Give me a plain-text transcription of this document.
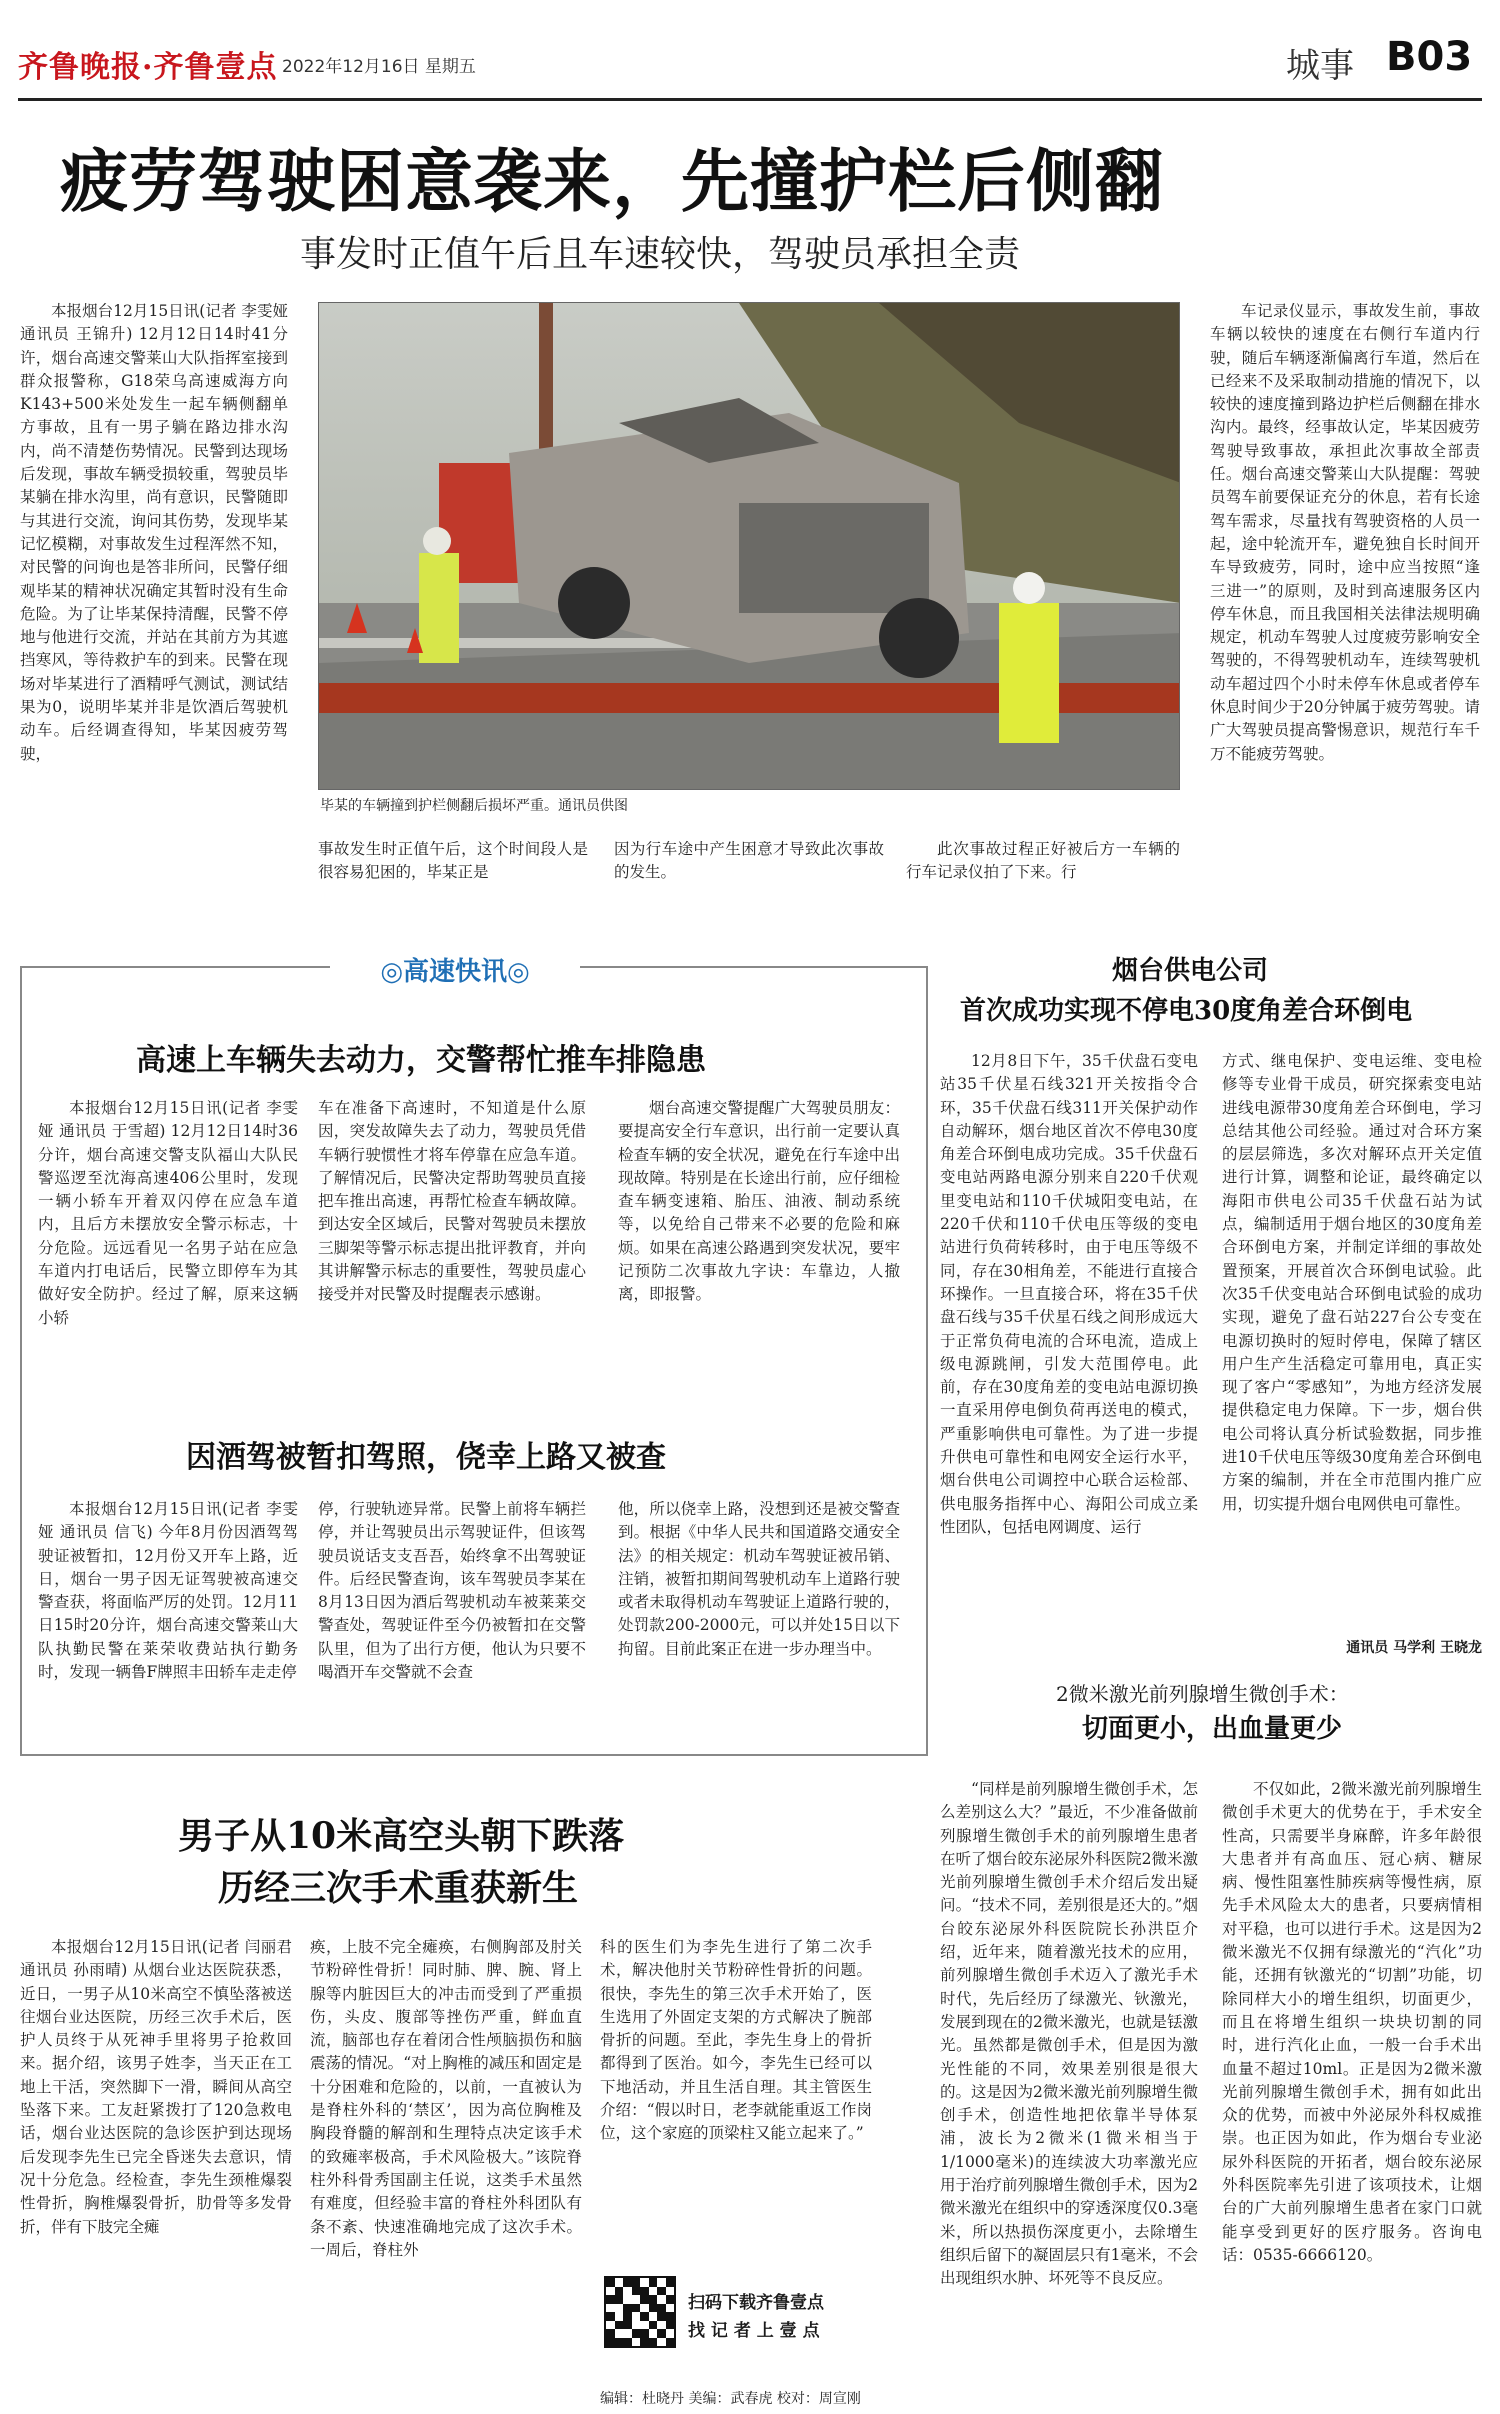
齐鲁晚报·齐鲁壹点 2022年12月16日 星期五	城事 B03
疲劳驾驶困意袭来，先撞护栏后侧翻
事发时正值午后且车速较快，驾驶员承担全责
本报烟台12月15日讯(记者 李雯娅 通讯员 王锦升) 12月12日14时41分许，烟台高速交警莱山大队指挥室接到群众报警称，G18荣乌高速威海方向K143+500米处发生一起车辆侧翻单方事故，且有一男子躺在路边排水沟内，尚不清楚伤势情况。民警到达现场后发现，事故车辆受损较重，驾驶员毕某躺在排水沟里，尚有意识，民警随即与其进行交流，询问其伤势，发现毕某记忆模糊，对事故发生过程浑然不知，对民警的问询也是答非所问，民警仔细观毕某的精神状况确定其暂时没有生命危险。为了让毕某保持清醒，民警不停地与他进行交流，并站在其前方为其遮挡寒风，等待救护车的到来。民警在现场对毕某进行了酒精呼气测试，测试结果为0，说明毕某并非是饮酒后驾驶机动车。后经调查得知，毕某因疲劳驾驶，
毕某的车辆撞到护栏侧翻后损坏严重。通讯员供图
事故发生时正值午后，这个时间段人是很容易犯困的，毕某正是
因为行车途中产生困意才导致此次事故的发生。
此次事故过程正好被后方一车辆的行车记录仪拍了下来。行
车记录仪显示，事故发生前，事故车辆以较快的速度在右侧行车道内行驶，随后车辆逐渐偏离行车道，然后在已经来不及采取制动措施的情况下，以较快的速度撞到路边护栏后侧翻在排水沟内。最终，经事故认定，毕某因疲劳驾驶导致事故，承担此次事故全部责任。烟台高速交警莱山大队提醒：驾驶员驾车前要保证充分的休息，若有长途驾车需求，尽量找有驾驶资格的人员一起，途中轮流开车，避免独自长时间开车导致疲劳，同时，途中应当按照“逢三进一”的原则，及时到高速服务区内停车休息，而且我国相关法律法规明确规定，机动车驾驶人过度疲劳影响安全驾驶的，不得驾驶机动车，连续驾驶机动车超过四个小时未停车休息或者停车休息时间少于20分钟属于疲劳驾驶。请广大驾驶员提高警惕意识，规范行车千万不能疲劳驾驶。
◎高速快讯◎
高速上车辆失去动力，交警帮忙推车排隐患
本报烟台12月15日讯(记者 李雯娅 通讯员 于雪超) 12月12日14时36分许，烟台高速交警支队福山大队民警巡逻至沈海高速406公里时，发现一辆小轿车开着双闪停在应急车道内，且后方未摆放安全警示标志，十分危险。远远看见一名男子站在应急车道内打电话后，民警立即停车为其做好安全防护。经过了解，原来这辆小轿
车在准备下高速时，不知道是什么原因，突发故障失去了动力，驾驶员凭借车辆行驶惯性才将车停靠在应急车道。了解情况后，民警决定帮助驾驶员直接把车推出高速，再帮忙检查车辆故障。到达安全区域后，民警对驾驶员未摆放三脚架等警示标志提出批评教育，并向其讲解警示标志的重要性，驾驶员虚心接受并对民警及时提醒表示感谢。
烟台高速交警提醒广大驾驶员朋友：要提高安全行车意识，出行前一定要认真检查车辆的安全状况，避免在行车途中出现故障。特别是在长途出行前，应仔细检查车辆变速箱、胎压、油液、制动系统等，以免给自己带来不必要的危险和麻烦。如果在高速公路遇到突发状况，要牢记预防二次事故九字诀：车靠边，人撤离，即报警。
因酒驾被暂扣驾照，侥幸上路又被查
本报烟台12月15日讯(记者 李雯娅 通讯员 信飞) 今年8月份因酒驾驾驶证被暂扣，12月份又开车上路，近日，烟台一男子因无证驾驶被高速交警查获，将面临严厉的处罚。12月11日15时20分许，烟台高速交警莱山大队执勤民警在莱荣收费站执行勤务时，发现一辆鲁F牌照丰田轿车走走停
停，行驶轨迹异常。民警上前将车辆拦停，并让驾驶员出示驾驶证件，但该驾驶员说话支支吾吾，始终拿不出驾驶证件。后经民警查询，该车驾驶员李某在8月13日因为酒后驾驶机动车被莱莱交警查处，驾驶证件至今仍被暂扣在交警队里，但为了出行方便，他认为只要不喝酒开车交警就不会查
他，所以侥幸上路，没想到还是被交警查到。根据《中华人民共和国道路交通安全法》的相关规定：机动车驾驶证被吊销、注销，被暂扣期间驾驶机动车上道路行驶或者未取得机动车驾驶证上道路行驶的，处罚款200-2000元，可以并处15日以下拘留。目前此案正在进一步办理当中。
烟台供电公司
首次成功实现不停电30度角差合环倒电
12月8日下午，35千伏盘石变电站35千伏星石线321开关按指令合环，35千伏盘石线311开关保护动作自动解环，烟台地区首次不停电30度角差合环倒电成功完成。35千伏盘石变电站两路电源分别来自220千伏观里变电站和110千伏城阳变电站，在220千伏和110千伏电压等级的变电站进行负荷转移时，由于电压等级不同，存在30相角差，不能进行直接合环操作。一旦直接合环，将在35千伏盘石线与35千伏星石线之间形成远大于正常负荷电流的合环电流，造成上级电源跳闸，引发大范围停电。此前，存在30度角差的变电站电源切换一直采用停电倒负荷再送电的模式，严重影响供电可靠性。为了进一步提升供电可靠性和电网安全运行水平，烟台供电公司调控中心联合运检部、供电服务指挥中心、海阳公司成立柔性团队，包括电网调度、运行
方式、继电保护、变电运维、变电检修等专业骨干成员，研究探索变电站进线电源带30度角差合环倒电，学习总结其他公司经验。通过对合环方案的层层筛选，多次对解环点开关定值进行计算，调整和论证，最终确定以海阳市供电公司35千伏盘石站为试点，编制适用于烟台地区的30度角差合环倒电方案，并制定详细的事故处置预案，开展首次合环倒电试验。此次35千伏变电站合环倒电试验的成功实现，避免了盘石站227台公专变在电源切换时的短时停电，保障了辖区用户生产生活稳定可靠用电，真正实现了客户“零感知”，为地方经济发展提供稳定电力保障。下一步，烟台供电公司将认真分析试验数据，同步推进10千伏电压等级30度角差合环倒电方案的编制，并在全市范围内推广应用，切实提升烟台电网供电可靠性。
通讯员 马学利 王晓龙
男子从10米高空头朝下跌落
历经三次手术重获新生
本报烟台12月15日讯(记者 闫丽君 通讯员 孙雨晴) 从烟台业达医院获悉，近日，一男子从10米高空不慎坠落被送往烟台业达医院，历经三次手术后，医护人员终于从死神手里将男子抢救回来。据介绍，该男子姓李，当天正在工地上干活，突然脚下一滑，瞬间从高空坠落下来。工友赶紧拨打了120急救电话，烟台业达医院的急诊医护到达现场后发现李先生已完全昏迷失去意识，情况十分危急。经检查，李先生颈椎爆裂性骨折，胸椎爆裂骨折，肋骨等多发骨折，伴有下肢完全瘫
痪，上肢不完全瘫痪，右侧胸部及肘关节粉碎性骨折！同时肺、脾、腕、肾上腺等内脏因巨大的冲击而受到了严重损伤，头皮、腹部等挫伤严重，鲜血直流，脑部也存在着闭合性颅脑损伤和脑震荡的情况。“对上胸椎的减压和固定是十分困难和危险的，以前，一直被认为是脊柱外科的‘禁区’，因为高位胸椎及胸段脊髓的解剖和生理特点决定该手术的致瘫率极高，手术风险极大。”该院脊柱外科骨秀国副主任说，这类手术虽然有难度，但经验丰富的脊柱外科团队有条不紊、快速准确地完成了这次手术。一周后，脊柱外
科的医生们为李先生进行了第二次手术，解决他肘关节粉碎性骨折的问题。很快，李先生的第三次手术开始了，医生选用了外固定支架的方式解决了腕部骨折的问题。至此，李先生身上的骨折都得到了医治。如今，李先生已经可以下地活动，并且生活自理。其主管医生介绍：“假以时日，老李就能重返工作岗位，这个家庭的顶梁柱又能立起来了。”
扫码下载齐鲁壹点
找 记 者 上 壹 点
编辑：杜晓丹 美编：武春虎 校对：周宣刚
2微米激光前列腺增生微创手术：
切面更小，出血量更少
“同样是前列腺增生微创手术，怎么差别这么大？”最近，不少准备做前列腺增生微创手术的前列腺增生患者在听了烟台皎东泌尿外科医院2微米激光前列腺增生微创手术介绍后发出疑问。“技术不同，差别很是还大的。”烟台皎东泌尿外科医院院长孙洪臣介绍，近年来，随着激光技术的应用，前列腺增生微创手术迈入了激光手术时代，先后经历了绿激光、钬激光，发展到现在的2微米激光，也就是铥激光。虽然都是微创手术，但是因为激光性能的不同，效果差别很是很大的。这是因为2微米激光前列腺增生微创手术，创造性地把依靠半导体泵浦，波长为2微米(1微米相当于1/1000毫米)的连续波大功率激光应用于治疗前列腺增生微创手术，因为2微米激光在组织中的穿透深度仅0.3毫米，所以热损伤深度更小，去除增生组织后留下的凝固层只有1毫米，不会出现组织水肿、坏死等不良反应。
不仅如此，2微米激光前列腺增生微创手术更大的优势在于，手术安全性高，只需要半身麻醉，许多年龄很大患者并有高血压、冠心病、糖尿病、慢性阻塞性肺疾病等慢性病，原先手术风险太大的患者，只要病情相对平稳，也可以进行手术。这是因为2微米激光不仅拥有绿激光的“汽化”功能，还拥有钬激光的“切割”功能，切除同样大小的增生组织，切面更少，而且在将增生组织一块块切割的同时，进行汽化止血，一般一台手术出血量不超过10ml。正是因为2微米激光前列腺增生微创手术，拥有如此出众的优势，而被中外泌尿外科权威推崇。也正因为如此，作为烟台专业泌尿外科医院的开拓者，烟台皎东泌尿外科医院率先引进了该项技术，让烟台的广大前列腺增生患者在家门口就能享受到更好的医疗服务。咨询电话：0535-6666120。
